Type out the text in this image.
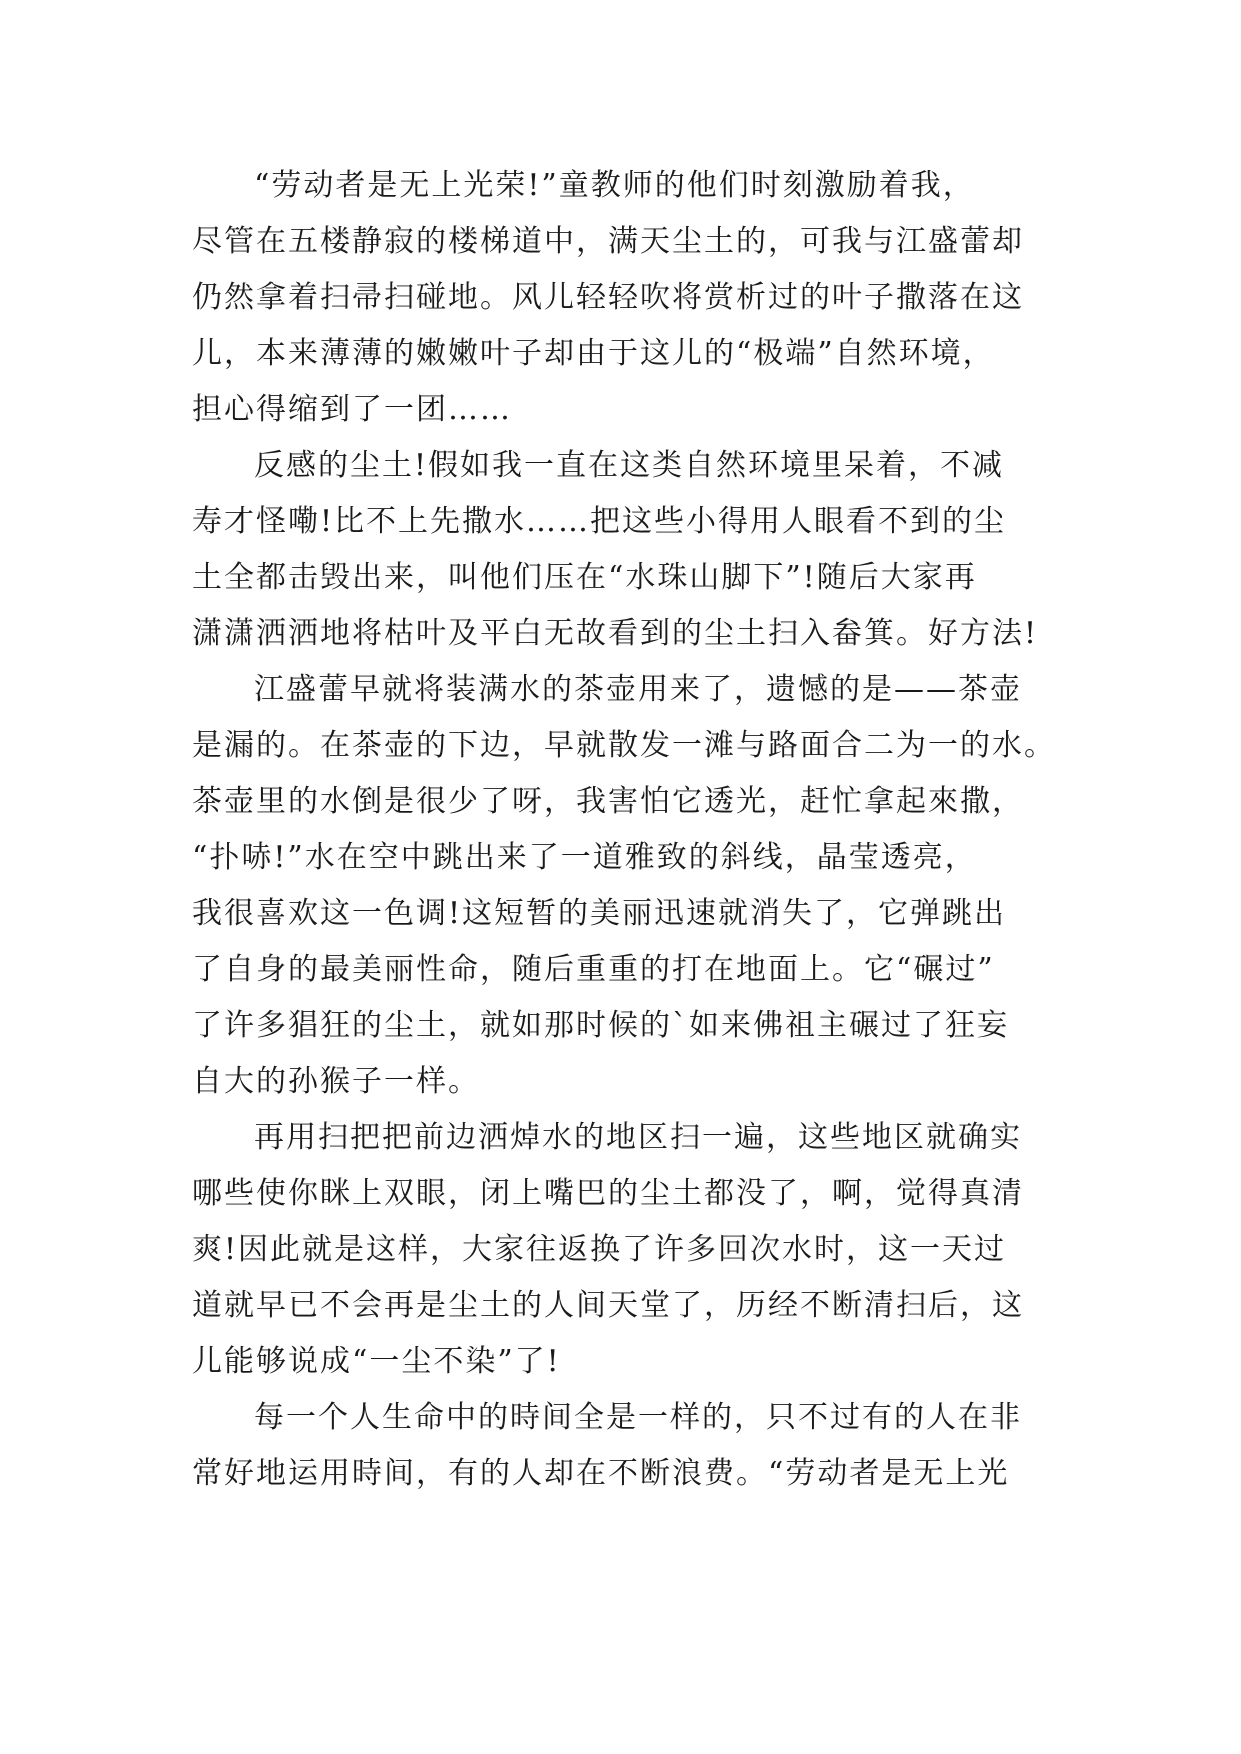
“劳动者是无上光荣!”童教师的他们时刻激励着我，
尽管在五楼静寂的楼梯道中，满天尘土的，可我与江盛蕾却
仍然拿着扫帚扫碰地。风儿轻轻吹将赏析过的叶子撒落在这
儿，本来薄薄的嫩嫩叶子却由于这儿的“极端”自然环境，
担心得缩到了一团……
反感的尘土!假如我一直在这类自然环境里呆着，不减
寿才怪嘞!比不上先撒水……把这些小得用人眼看不到的尘
土全都击毁出来，叫他们压在“水珠山脚下”!随后大家再
潇潇洒洒地将枯叶及平白无故看到的尘土扫入畚箕。好方法!
江盛蕾早就将装满水的茶壶用来了，遗憾的是——茶壶
是漏的。在茶壶的下边，早就散发一滩与路面合二为一的水。
茶壶里的水倒是很少了呀，我害怕它透光，赶忙拿起來撒，
“扑哧!”水在空中跳出来了一道雅致的斜线，晶莹透亮，
我很喜欢这一色调!这短暂的美丽迅速就消失了，它弹跳出
了自身的最美丽性命，随后重重的打在地面上。它“碾过”
了许多猖狂的尘土，就如那时候的`如来佛祖主碾过了狂妄
自大的孙猴子一样。
再用扫把把前边洒焯水的地区扫一遍，这些地区就确实
哪些使你眯上双眼，闭上嘴巴的尘土都没了，啊，觉得真清
爽!因此就是这样，大家往返换了许多回次水时，这一天过
道就早已不会再是尘土的人间天堂了，历经不断清扫后，这
儿能够说成“一尘不染”了!
每一个人生命中的時间全是一样的，只不过有的人在非
常好地运用時间，有的人却在不断浪费。“劳动者是无上光
